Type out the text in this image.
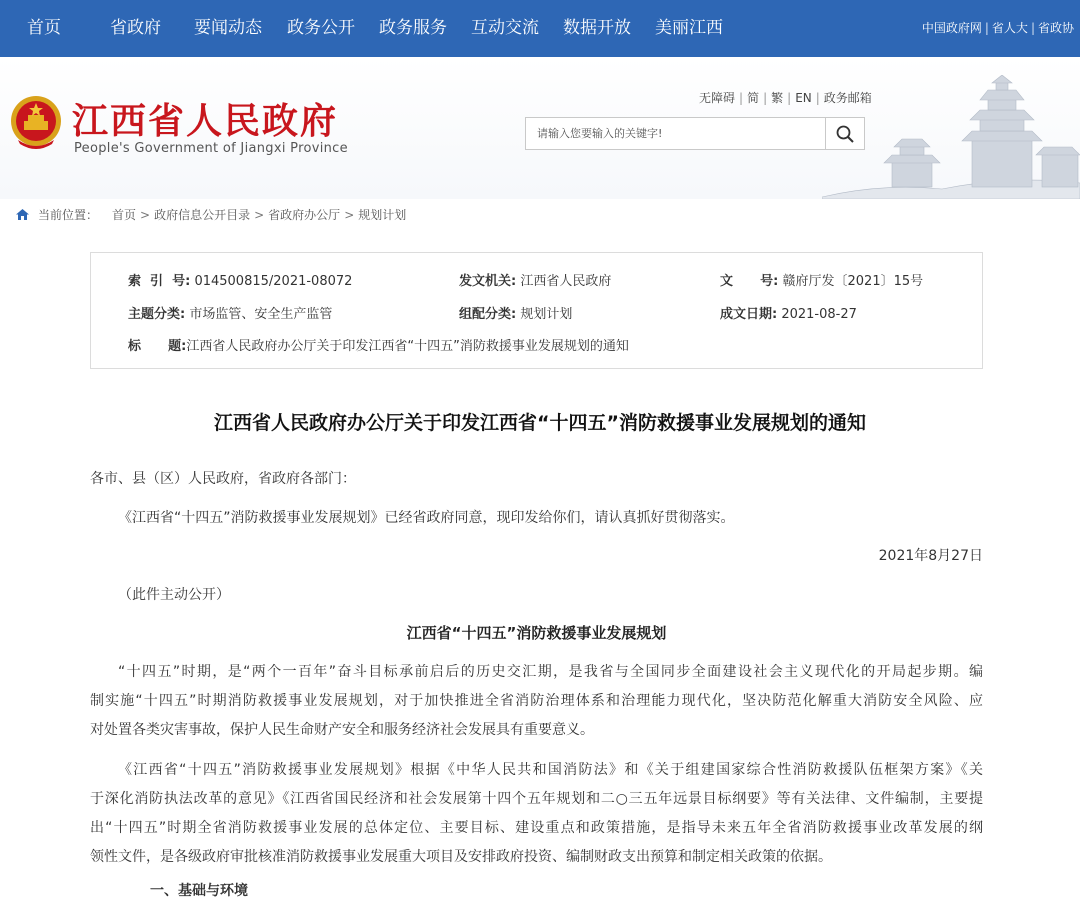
首页	省政府 要闻动态 政务公开 政务服务 互动交流 数据开放 美丽江西	中国政府网 | 省人大 | 省政协
江西省人民政府
People's Government of Jiangxi Province
无障碍 | 简 | 繁 | EN | 政务邮箱
请输入您要输入的关键字!
当前位置： 首页 > 政府信息公开目录 > 省政府办公厅 > 规划计划
索  引  号: 014500815/2021-08072	发文机关: 江西省人民政府	文      号: 赣府厅发〔2021〕15号
主题分类: 市场监管、安全生产监管	组配分类: 规划计划	成文日期: 2021-08-27
标      题:江西省人民政府办公厅关于印发江西省“十四五”消防救援事业发展规划的通知
江西省人民政府办公厅关于印发江西省“十四五”消防救援事业发展规划的通知
各市、县（区）人民政府，省政府各部门：
《江西省“十四五”消防救援事业发展规划》已经省政府同意，现印发给你们，请认真抓好贯彻落实。
2021年8月27日
（此件主动公开）
江西省“十四五”消防救援事业发展规划
“十四五”时期，是“两个一百年”奋斗目标承前启后的历史交汇期，是我省与全国同步全面建设社会主义现代化的开局起步期。编
制实施“十四五”时期消防救援事业发展规划，对于加快推进全省消防治理体系和治理能力现代化，坚决防范化解重大消防安全风险、应
对处置各类灾害事故，保护人民生命财产安全和服务经济社会发展具有重要意义。
《江西省“十四五”消防救援事业发展规划》根据《中华人民共和国消防法》和《关于组建国家综合性消防救援队伍框架方案》《关
于深化消防执法改革的意见》《江西省国民经济和社会发展第十四个五年规划和二○三五年远景目标纲要》等有关法律、文件编制，主要提
出“十四五”时期全省消防救援事业发展的总体定位、主要目标、建设重点和政策措施，是指导未来五年全省消防救援事业改革发展的纲
领性文件，是各级政府审批核准消防救援事业发展重大项目及安排政府投资、编制财政支出预算和制定相关政策的依据。
一、基础与环境
